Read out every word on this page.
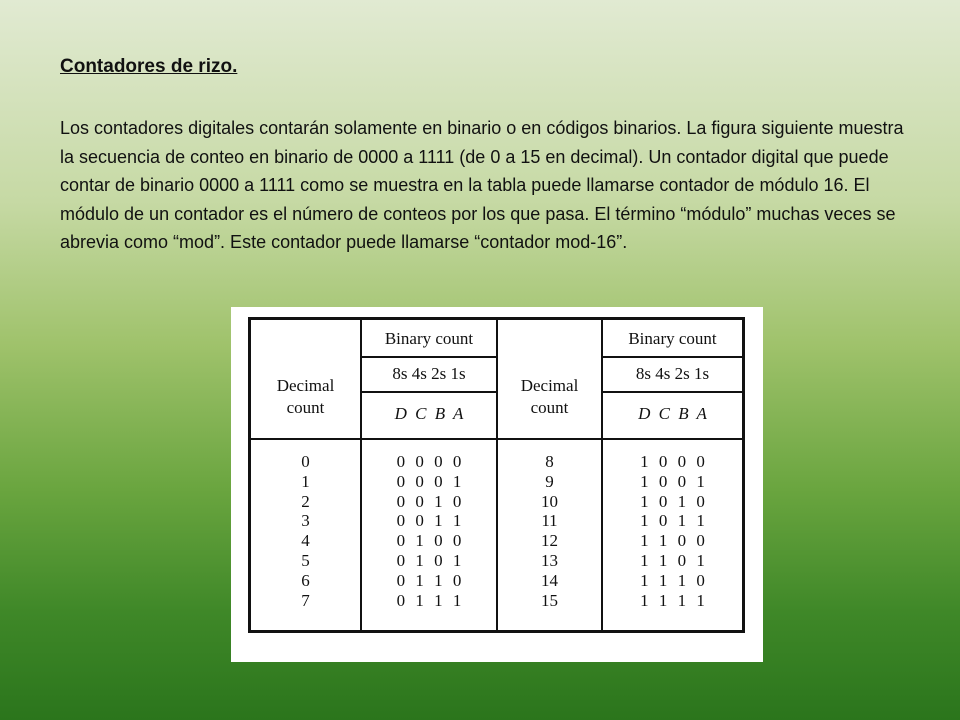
Contadores de rizo.

Los contadores digitales contarán solamente en binario o en códigos binarios. La figura siguiente muestra la secuencia de conteo en binario de 0000 a 1111 (de 0 a 15 en decimal). Un contador digital que puede contar de binario 0000 a 1111 como se muestra en la tabla puede llamarse contador de módulo 16. El módulo de un contador es el número de conteos por los que pasa. El término “módulo” muchas veces se abrevia como “mod”. Este contador puede llamarse “contador mod-16”.

Decimal
count
Binary count
8s 4s 2s 1s
D C B A
Decimal
count
Binary count
8s 4s 2s 1s
D C B A
0
1
2
3
4
5
6
7
0 0 0 0
0 0 0 1
0 0 1 0
0 0 1 1
0 1 0 0
0 1 0 1
0 1 1 0
0 1 1 1
8
9
10
11
12
13
14
15
1 0 0 0
1 0 0 1
1 0 1 0
1 0 1 1
1 1 0 0
1 1 0 1
1 1 1 0
1 1 1 1
